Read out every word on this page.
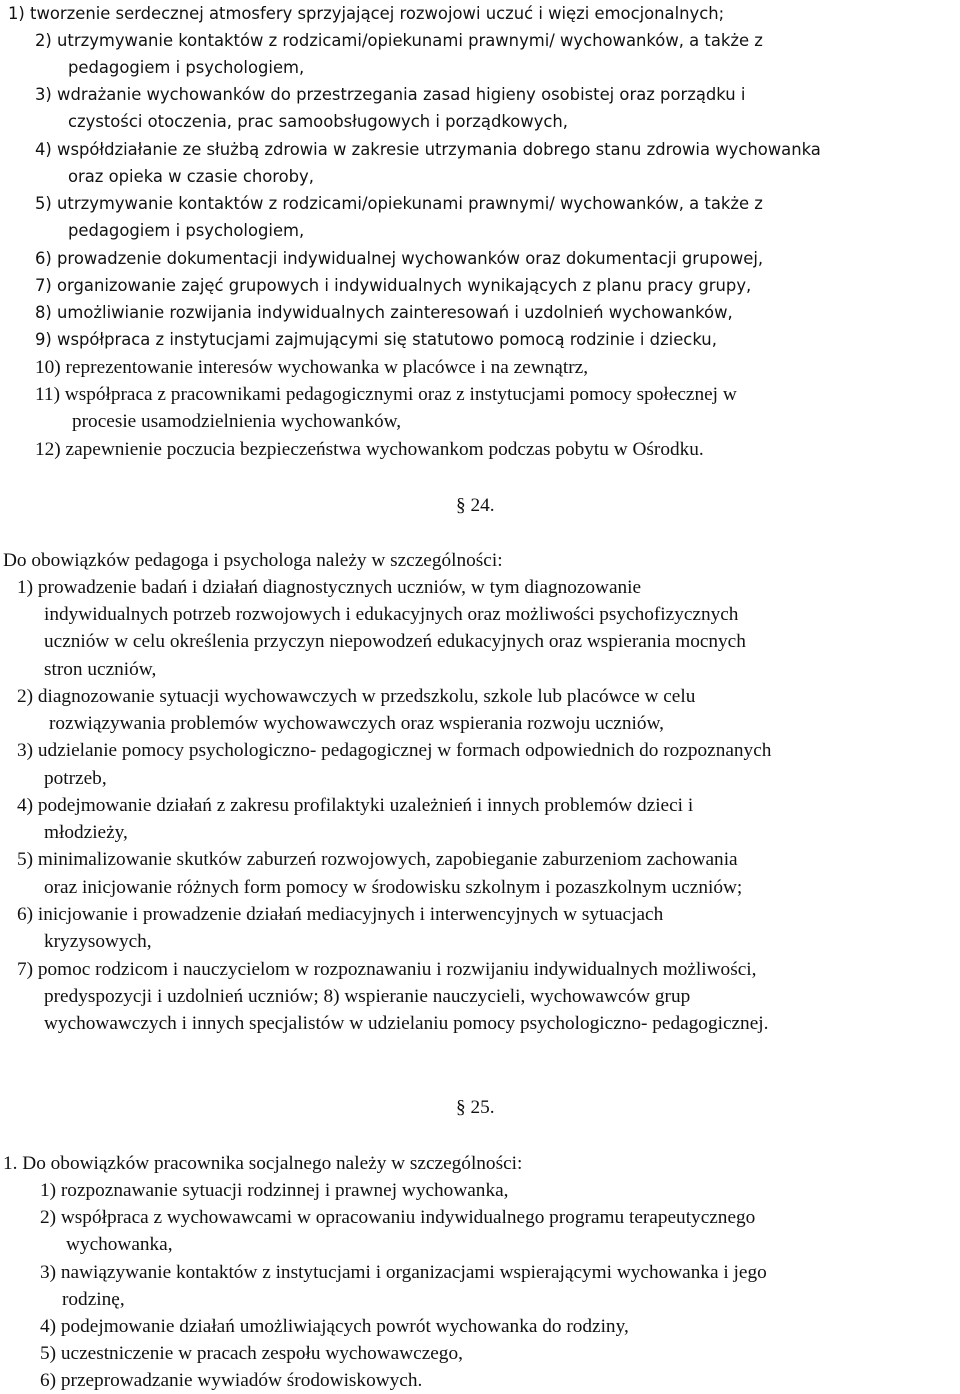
1) tworzenie serdecznej atmosfery sprzyjającej rozwojowi uczuć i więzi emocjonalnych;
2) utrzymywanie kontaktów z rodzicami/opiekunami prawnymi/ wychowanków, a także z
pedagogiem i psychologiem,
3) wdrażanie wychowanków do przestrzegania zasad higieny osobistej oraz porządku i
czystości otoczenia, prac samoobsługowych i porządkowych,
4) współdziałanie ze służbą zdrowia w zakresie utrzymania dobrego stanu zdrowia wychowanka
oraz opieka w czasie choroby,
5) utrzymywanie kontaktów z rodzicami/opiekunami prawnymi/ wychowanków, a także z
pedagogiem i psychologiem,
6) prowadzenie dokumentacji indywidualnej wychowanków oraz dokumentacji grupowej,
7) organizowanie zajęć grupowych i indywidualnych wynikających z planu pracy grupy,
8) umożliwianie rozwijania indywidualnych zainteresowań i uzdolnień wychowanków,
9) współpraca z instytucjami zajmującymi się statutowo pomocą rodzinie i dziecku,
10) reprezentowanie interesów wychowanka w placówce i na zewnątrz,
11) współpraca z pracownikami pedagogicznymi oraz z instytucjami pomocy społecznej w
procesie usamodzielnienia wychowanków,
12) zapewnienie poczucia bezpieczeństwa wychowankom podczas pobytu w Ośrodku.
§ 24.
Do obowiązków pedagoga i psychologa należy w szczególności:
1) prowadzenie badań i działań diagnostycznych uczniów, w tym diagnozowanie
indywidualnych potrzeb rozwojowych i edukacyjnych oraz możliwości psychofizycznych
uczniów w celu określenia przyczyn niepowodzeń edukacyjnych oraz wspierania mocnych
stron uczniów,
2) diagnozowanie sytuacji wychowawczych w przedszkolu, szkole lub placówce w celu
rozwiązywania problemów wychowawczych oraz wspierania rozwoju uczniów,
3) udzielanie pomocy psychologiczno- pedagogicznej w formach odpowiednich do rozpoznanych
potrzeb,
4) podejmowanie działań z zakresu profilaktyki uzależnień i innych problemów dzieci i
młodzieży,
5) minimalizowanie skutków zaburzeń rozwojowych, zapobieganie zaburzeniom zachowania
oraz inicjowanie różnych form pomocy w środowisku szkolnym i pozaszkolnym uczniów;
6) inicjowanie i prowadzenie działań mediacyjnych i interwencyjnych w sytuacjach
kryzysowych,
7) pomoc rodzicom i nauczycielom w rozpoznawaniu i rozwijaniu indywidualnych możliwości,
predyspozycji i uzdolnień uczniów; 8) wspieranie nauczycieli, wychowawców grup
wychowawczych i innych specjalistów w udzielaniu pomocy psychologiczno- pedagogicznej.
§ 25.
1. Do obowiązków pracownika socjalnego należy w szczególności:
1) rozpoznawanie sytuacji rodzinnej i prawnej wychowanka,
2) współpraca z wychowawcami w opracowaniu indywidualnego programu terapeutycznego
wychowanka,
3) nawiązywanie kontaktów z instytucjami i organizacjami wspierającymi wychowanka i jego
rodzinę,
4) podejmowanie działań umożliwiających powrót wychowanka do rodziny,
5) uczestniczenie w pracach zespołu wychowawczego,
6) przeprowadzanie wywiadów środowiskowych.
